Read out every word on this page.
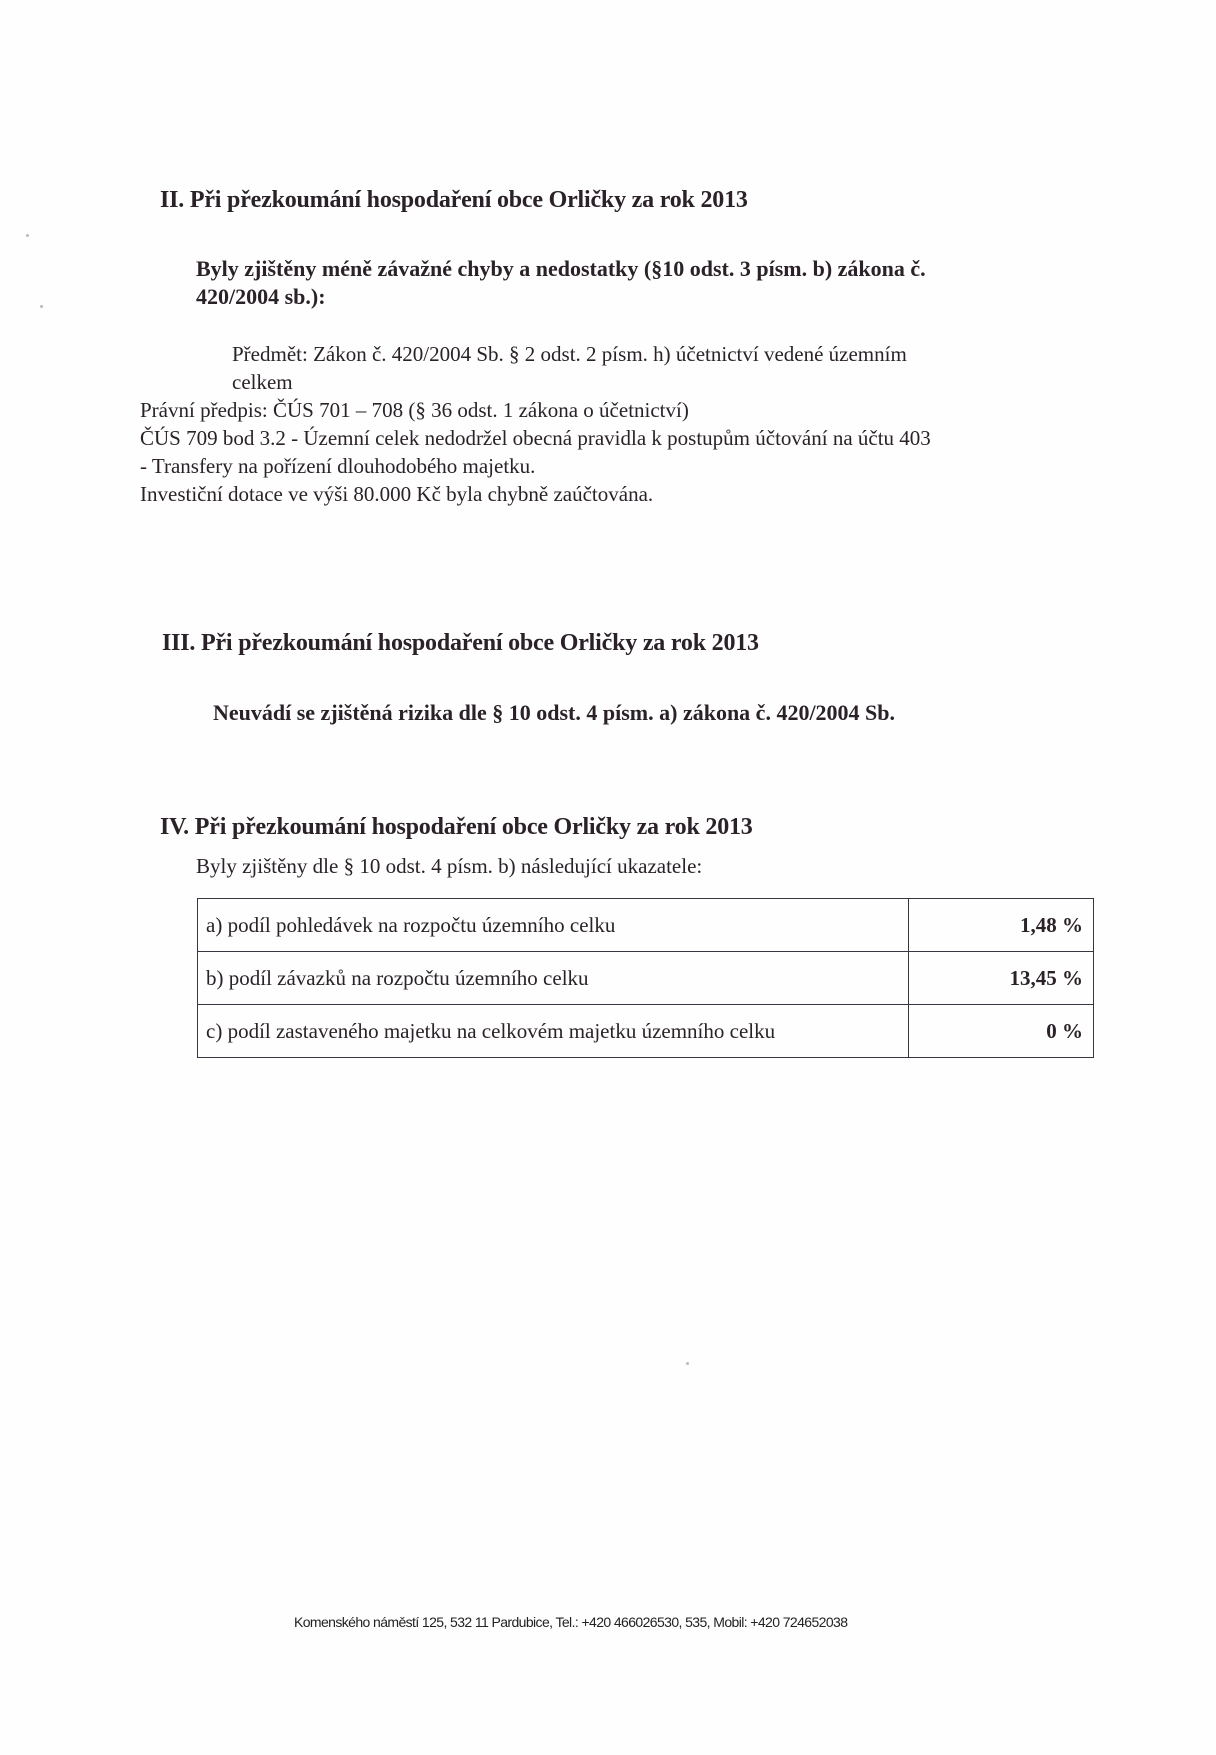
II. Při přezkoumání hospodaření obce Orličky za rok 2013
Byly zjištěny méně závažné chyby a nedostatky (§10 odst. 3 písm. b) zákona č.
420/2004 sb.):
Předmět: Zákon č. 420/2004 Sb. § 2 odst. 2 písm. h) účetnictví vedené územním
celkem
Právní předpis: ČÚS 701 – 708 (§ 36 odst. 1 zákona o účetnictví)
ČÚS 709 bod 3.2 - Územní celek nedodržel obecná pravidla k postupům účtování na účtu 403
- Transfery na pořízení dlouhodobého majetku.
Investiční dotace ve výši 80.000 Kč byla chybně zaúčtována.
III. Při přezkoumání hospodaření obce Orličky za rok 2013
Neuvádí se zjištěná rizika dle § 10 odst. 4 písm. a) zákona č. 420/2004 Sb.
IV. Při přezkoumání hospodaření obce Orličky za rok 2013
Byly zjištěny dle § 10 odst. 4 písm. b) následující ukazatele:
a) podíl pohledávek na rozpočtu územního celku	1,48 %
b) podíl závazků na rozpočtu územního celku	13,45 %
c) podíl zastaveného majetku na celkovém majetku územního celku	0 %
Komenského náměstí 125, 532 11 Pardubice, Tel.: +420 466026530, 535, Mobil: +420 724652038
